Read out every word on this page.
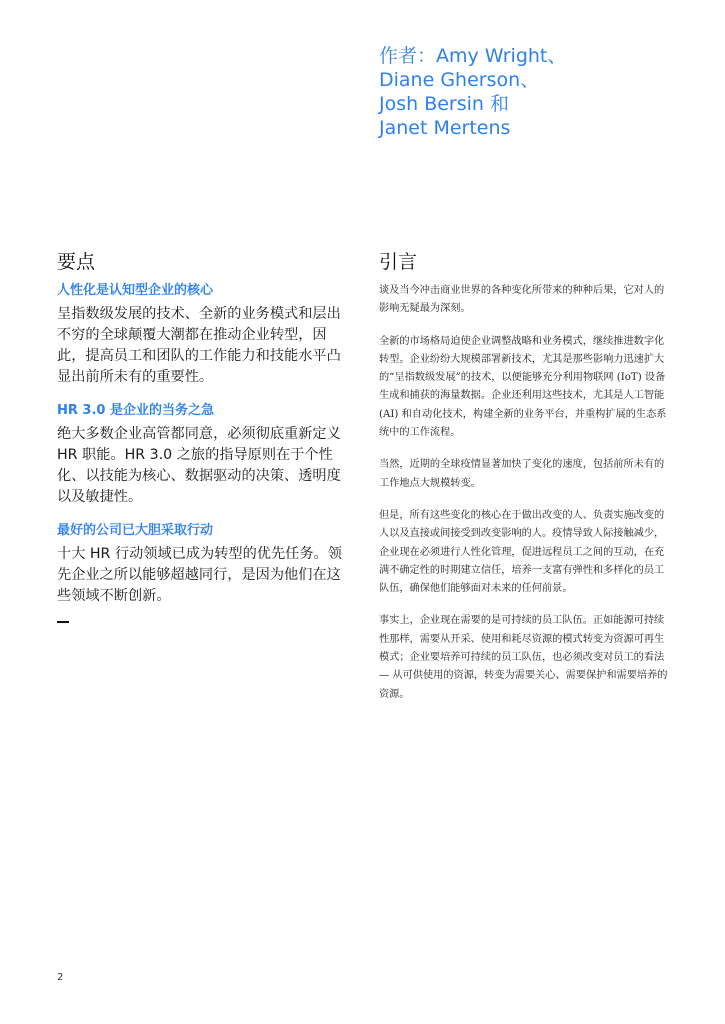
作者：Amy Wright、
Diane Gherson、
Josh Bersin 和
Janet Mertens
要点
人性化是认知型企业的核心

呈指数级发展的技术、全新的业务模式和层出不穷的全球颠覆大潮都在推动企业转型，因此，提高员工和团队的工作能力和技能水平凸显出前所未有的重要性。

HR 3.0 是企业的当务之急

绝大多数企业高管都同意，必须彻底重新定义 HR 职能。HR 3.0 之旅的指导原则在于个性化、以技能为核心、数据驱动的决策、透明度以及敏捷性。

最好的公司已大胆采取行动

十大 HR 行动领域已成为转型的优先任务。领先企业之所以能够超越同行，是因为他们在这些领域不断创新。

引言

谈及当今冲击商业世界的各种变化所带来的种种后果，它对人的影响无疑最为深刻。

全新的市场格局迫使企业调整战略和业务模式，继续推进数字化转型。企业纷纷大规模部署新技术，尤其是那些影响力迅速扩大的“呈指数级发展”的技术，以便能够充分利用物联网 (IoT) 设备生成和捕获的海量数据。企业还利用这些技术，尤其是人工智能 (AI) 和自动化技术，构建全新的业务平台，并重构扩展的生态系统中的工作流程。

当然，近期的全球疫情显著加快了变化的速度，包括前所未有的工作地点大规模转变。

但是，所有这些变化的核心在于做出改变的人、负责实施改变的人以及直接或间接受到改变影响的人。疫情导致人际接触减少，企业现在必须进行人性化管理，促进远程员工之间的互动，在充满不确定性的时期建立信任，培养一支富有弹性和多样化的员工队伍，确保他们能够面对未来的任何前景。

事实上，企业现在需要的是可持续的员工队伍。正如能源可持续性那样，需要从开采、使用和耗尽资源的模式转变为资源可再生模式；企业要培养可持续的员工队伍，也必须改变对员工的看法 — 从可供使用的资源，转变为需要关心、需要保护和需要培养的资源。

2
